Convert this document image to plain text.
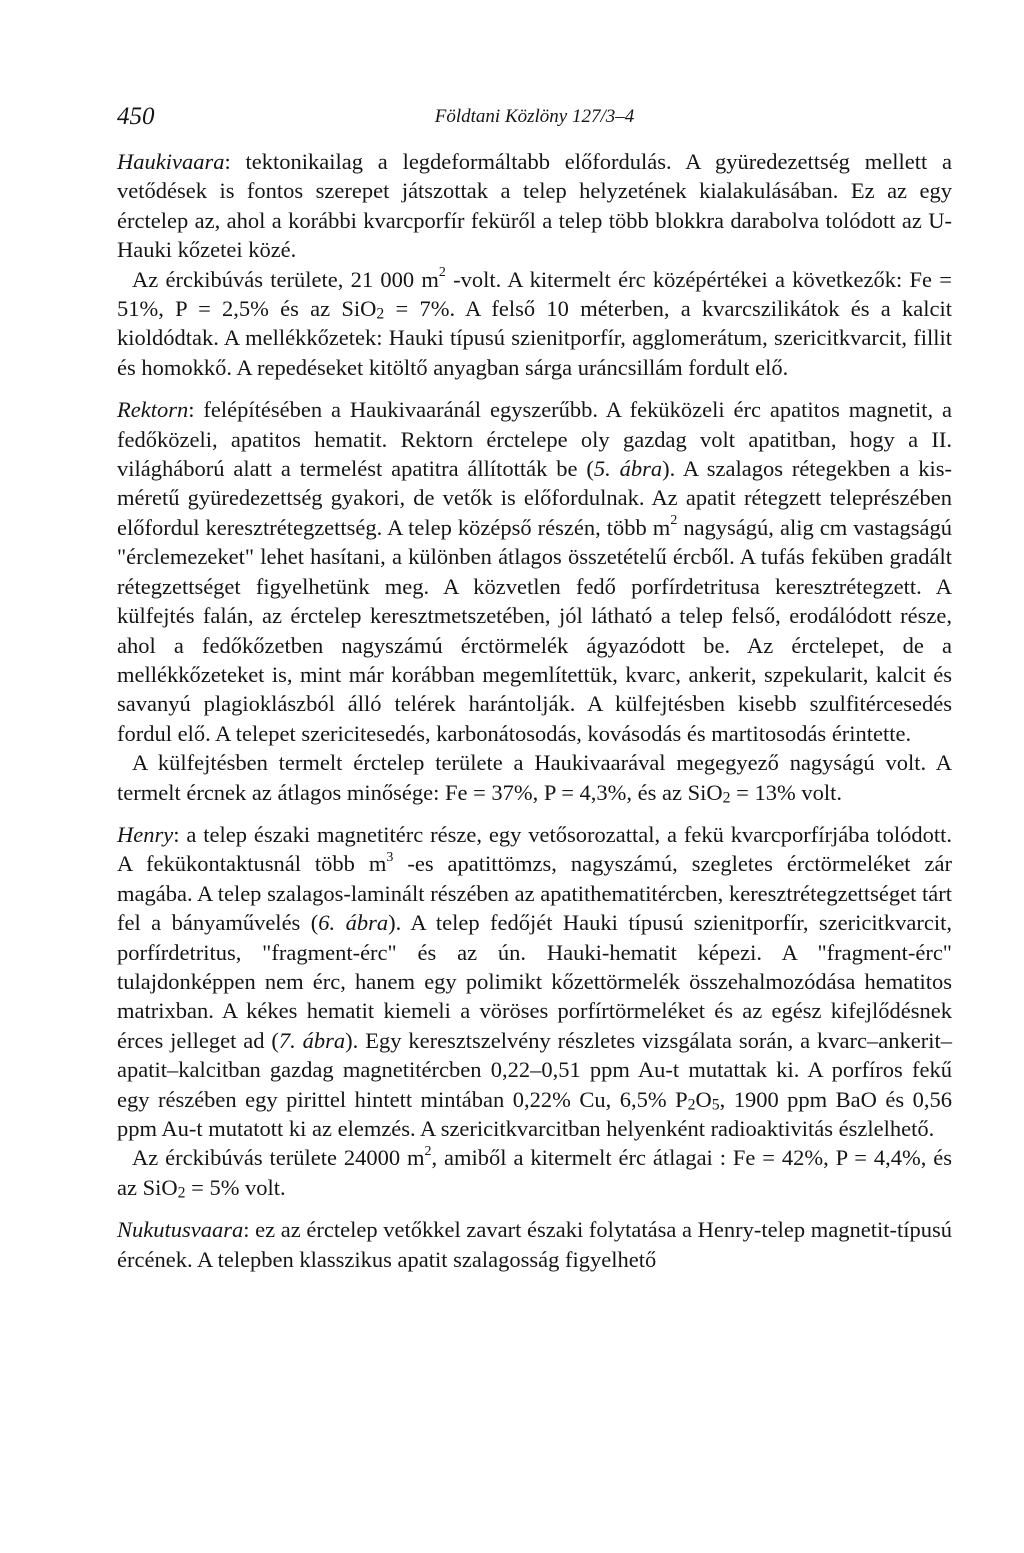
450	Földtani Közlöny 127/3–4

Haukivaara: tektonikailag a legdeformáltabb előfordulás. A gyüredezettség mellett a vetődések is fontos szerepet játszottak a telep helyzetének kialakulásában. Ez az egy érctelep az, ahol a korábbi kvarcporfír feküről a telep több blokkra darabolva tolódott az U-Hauki kőzetei közé.

Az érckibúvás területe, 21 000 $m^2$ -volt. A kitermelt érc középértékei a következők: Fe = 51%, P = 2,5% és az SiO$_2$ = 7%. A felső 10 méterben, a kvarcszilikátok és a kalcit kioldódtak. A mellékkőzetek: Hauki típusú szienitporfír, agglomerátum, szericitkvarcit, fillit és homokkő. A repedéseket kitöltő anyagban sárga uráncsillám fordult elő.

Rektorn: felépítésében a Haukivaaránál egyszerűbb. A feküközeli érc apatitos magnetit, a fedőközeli, apatitos hematit. Rektorn érctelepe oly gazdag volt apatitban, hogy a II. világháború alatt a termelést apatitra állították be (5. ábra). A szalagos rétegekben a kis-méretű gyüredezettség gyakori, de vetők is előfordulnak. Az apatit rétegzett teleprészében előfordul keresztrétegzettség. A telep középső részén, több $m^2$ nagyságú, alig cm vastagságú "érclemezeket" lehet hasítani, a különben átlagos összetételű ércből. A tufás feküben gradált rétegzettséget figyelhetünk meg. A közvetlen fedő porfírdetritusa keresztrétegzett. A külfejtés falán, az érctelep keresztmetszetében, jól látható a telep felső, erodálódott része, ahol a fedőkőzetben nagyszámú érctörmelék ágyazódott be. Az érctelepet, de a mellékkőzeteket is, mint már korábban megemlítettük, kvarc, ankerit, szpekularit, kalcit és savanyú plagioklászból álló telérek harántolják. A külfejtésben kisebb szulfitércesedés fordul elő. A telepet szericitesedés, karbonátosodás, kovásodás és martitosodás érintette.

A külfejtésben termelt érctelep területe a Haukivaarával megegyező nagyságú volt. A termelt ércnek az átlagos minősége: Fe = 37%, P = 4,3%, és az SiO$_2$ = 13% volt.

Henry: a telep északi magnetitérc része, egy vetősorozattal, a fekü kvarcporfírjába tolódott. A fekükontaktusnál több $m^3$ -es apatittömzs, nagyszámú, szegletes érctörmeléket zár magába. A telep szalagos-laminált részében az apatithematitércben, keresztrétegzettséget tárt fel a bányaművelés (6. ábra). A telep fedőjét Hauki típusú szienitporfír, szericitkvarcit, porfírdetritus, "fragment-érc" és az ún. Hauki-hematit képezi. A "fragment-érc" tulajdonképpen nem érc, hanem egy polimikt kőzettörmelék összehalmozódása hematitos matrixban. A kékes hematit kiemeli a vöröses porfírtörmeléket és az egész kifejlődésnek érces jelleget ad (7. ábra). Egy keresztszelvény részletes vizsgálata során, a kvarc–ankerit–apatit–kalcitban gazdag magnetitércben 0,22–0,51 ppm Au-t mutattak ki. A porfíros fekű egy részében egy pirittel hintett mintában 0,22% Cu, 6,5% $P_2O_5$, 1900 ppm BaO és 0,56 ppm Au-t mutatott ki az elemzés. A szericitkvarcitban helyenként radioaktivitás észlelhető.

Az érckibúvás területe 24000 $m^2$, amiből a kitermelt érc átlagai : Fe = 42%, P = 4,4%, és az SiO$_2$ = 5% volt.

Nukutusvaara: ez az érctelep vetőkkel zavart északi folytatása a Henry-telep magnetit-típusú ércének. A telepben klasszikus apatit szalagosság figyelhető
